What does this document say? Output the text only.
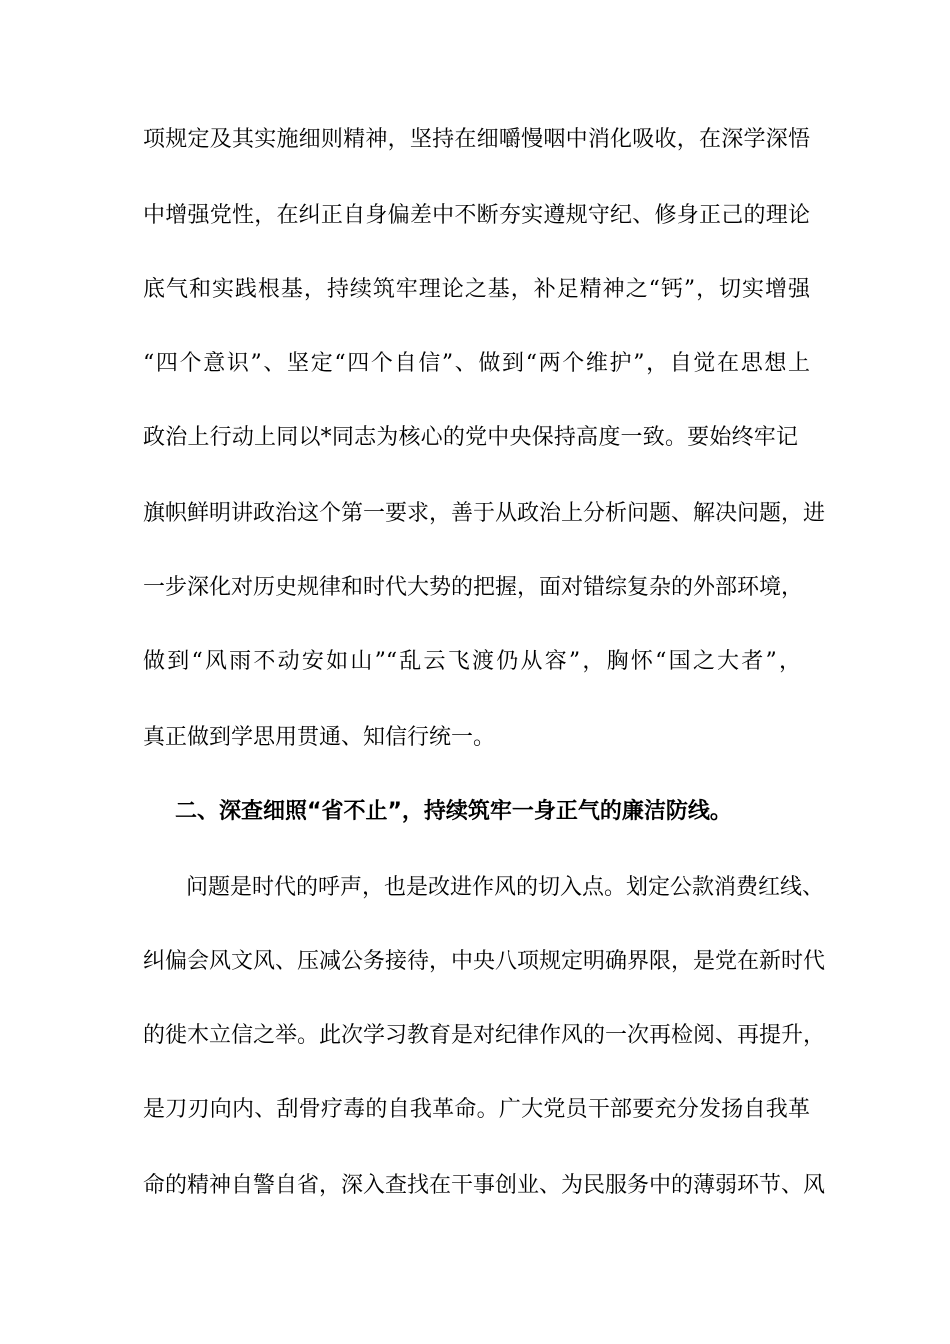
项规定及其实施细则精神，坚持在细嚼慢咽中消化吸收，在深学深悟
中增强党性，在纠正自身偏差中不断夯实遵规守纪、修身正己的理论
底气和实践根基，持续筑牢理论之基，补足精神之“钙”，切实增强
“四个意识”、坚定“四个自信”、做到“两个维护”，自觉在思想上
政治上行动上同以*同志为核心的党中央保持高度一致。要始终牢记
旗帜鲜明讲政治这个第一要求，善于从政治上分析问题、解决问题，进
一步深化对历史规律和时代大势的把握，面对错综复杂的外部环境，
做到“风雨不动安如山”“乱云飞渡仍从容”，胸怀“国之大者”，
真正做到学思用贯通、知信行统一。
二、深查细照“省不止”，持续筑牢一身正气的廉洁防线。
问题是时代的呼声，也是改进作风的切入点。划定公款消费红线、
纠偏会风文风、压减公务接待，中央八项规定明确界限，是党在新时代
的徙木立信之举。此次学习教育是对纪律作风的一次再检阅、再提升，
是刀刃向内、刮骨疗毒的自我革命。广大党员干部要充分发扬自我革
命的精神自警自省，深入查找在干事创业、为民服务中的薄弱环节、风
